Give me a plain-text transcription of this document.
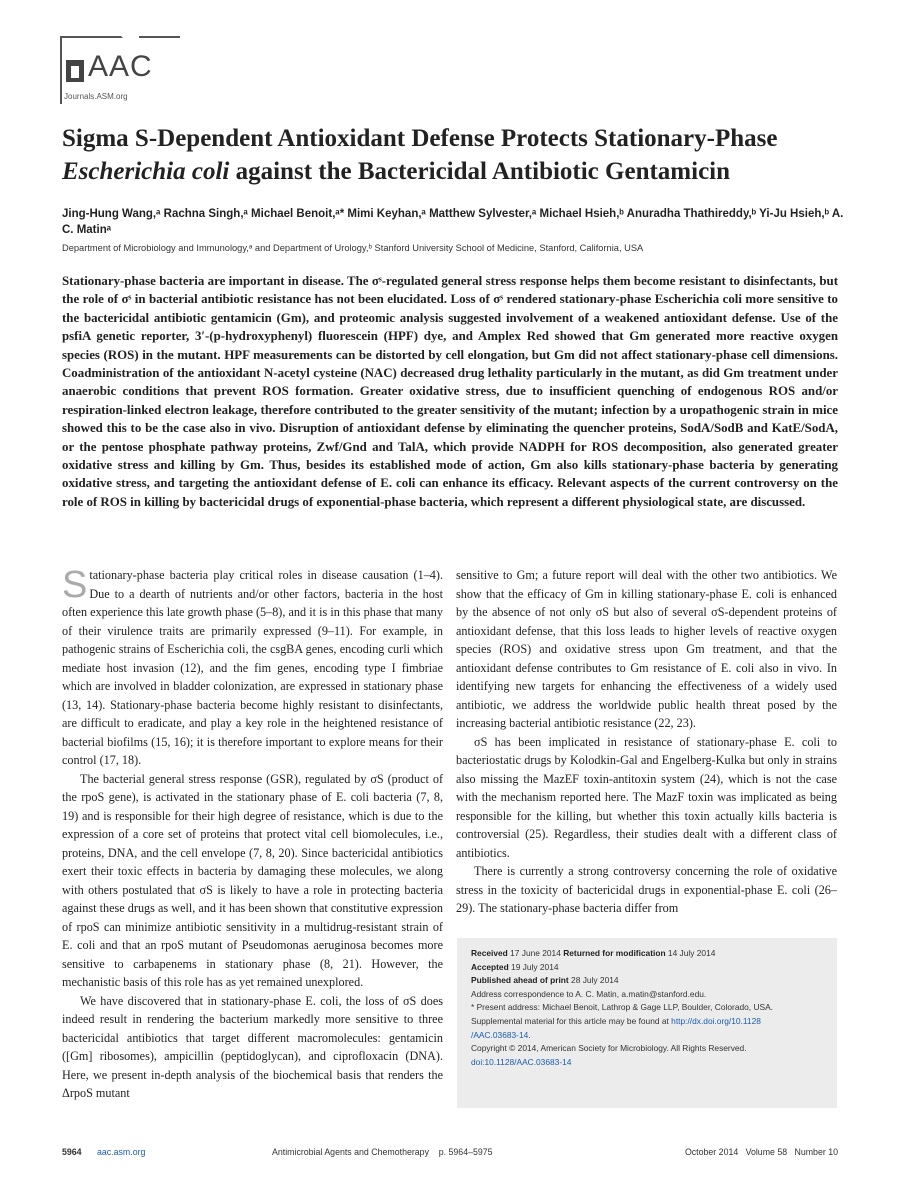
AAC
Journals.ASM.org
Sigma S-Dependent Antioxidant Defense Protects Stationary-Phase
Escherichia coli against the Bactericidal Antibiotic Gentamicin
Jing-Hung Wang,ᵃ Rachna Singh,ᵃ Michael Benoit,ᵃ* Mimi Keyhan,ᵃ Matthew Sylvester,ᵃ Michael Hsieh,ᵇ Anuradha Thathireddy,ᵇ Yi-Ju Hsieh,ᵇ A. C. Matinᵃ
Department of Microbiology and Immunology,ᵃ and Department of Urology,ᵇ Stanford University School of Medicine, Stanford, California, USA
Stationary-phase bacteria are important in disease. The σˢ-regulated general stress response helps them become resistant to disinfectants, but the role of σˢ in bacterial antibiotic resistance has not been elucidated. Loss of σˢ rendered stationary-phase Escherichia coli more sensitive to the bactericidal antibiotic gentamicin (Gm), and proteomic analysis suggested involvement of a weakened antioxidant defense. Use of the psfiA genetic reporter, 3′-(p-hydroxyphenyl) fluorescein (HPF) dye, and Amplex Red showed that Gm generated more reactive oxygen species (ROS) in the mutant. HPF measurements can be distorted by cell elongation, but Gm did not affect stationary-phase cell dimensions. Coadministration of the antioxidant N-acetyl cysteine (NAC) decreased drug lethality particularly in the mutant, as did Gm treatment under anaerobic conditions that prevent ROS formation. Greater oxidative stress, due to insufficient quenching of endogenous ROS and/or respiration-linked electron leakage, therefore contributed to the greater sensitivity of the mutant; infection by a uropathogenic strain in mice showed this to be the case also in vivo. Disruption of antioxidant defense by eliminating the quencher proteins, SodA/SodB and KatE/SodA, or the pentose phosphate pathway proteins, Zwf/Gnd and TalA, which provide NADPH for ROS decomposition, also generated greater oxidative stress and killing by Gm. Thus, besides its established mode of action, Gm also kills stationary-phase bacteria by generating oxidative stress, and targeting the antioxidant defense of E. coli can enhance its efficacy. Relevant aspects of the current controversy on the role of ROS in killing by bactericidal drugs of exponential-phase bacteria, which represent a different physiological state, are discussed.

Stationary-phase bacteria play critical roles in disease causation (1–4). Due to a dearth of nutrients and/or other factors, bacteria in the host often experience this late growth phase (5–8), and it is in this phase that many of their virulence traits are primarily expressed (9–11). For example, in pathogenic strains of Escherichia coli, the csgBA genes, encoding curli which mediate host invasion (12), and the fim genes, encoding type I fimbriae which are involved in bladder colonization, are expressed in stationary phase (13, 14). Stationary-phase bacteria become highly resistant to disinfectants, are difficult to eradicate, and play a key role in the heightened resistance of bacterial biofilms (15, 16); it is therefore important to explore means for their control (17, 18).

The bacterial general stress response (GSR), regulated by σS (product of the rpoS gene), is activated in the stationary phase of E. coli bacteria (7, 8, 19) and is responsible for their high degree of resistance, which is due to the expression of a core set of proteins that protect vital cell biomolecules, i.e., proteins, DNA, and the cell envelope (7, 8, 20). Since bactericidal antibiotics exert their toxic effects in bacteria by damaging these molecules, we along with others postulated that σS is likely to have a role in protecting bacteria against these drugs as well, and it has been shown that constitutive expression of rpoS can minimize antibiotic sensitivity in a multidrug-resistant strain of E. coli and that an rpoS mutant of Pseudomonas aeruginosa becomes more sensitive to carbapenems in stationary phase (8, 21). However, the mechanistic basis of this role has as yet remained unexplored.

We have discovered that in stationary-phase E. coli, the loss of σS does indeed result in rendering the bacterium markedly more sensitive to three bactericidal antibiotics that target different macromolecules: gentamicin ([Gm] ribosomes), ampicillin (peptidoglycan), and ciprofloxacin (DNA). Here, we present in-depth analysis of the biochemical basis that renders the ΔrpoS mutant

sensitive to Gm; a future report will deal with the other two antibiotics. We show that the efficacy of Gm in killing stationary-phase E. coli is enhanced by the absence of not only σS but also of several σS-dependent proteins of antioxidant defense, that this loss leads to higher levels of reactive oxygen species (ROS) and oxidative stress upon Gm treatment, and that the antioxidant defense contributes to Gm resistance of E. coli also in vivo. In identifying new targets for enhancing the effectiveness of a widely used antibiotic, we address the worldwide public health threat posed by the increasing bacterial antibiotic resistance (22, 23).

σS has been implicated in resistance of stationary-phase E. coli to bacteriostatic drugs by Kolodkin-Gal and Engelberg-Kulka but only in strains also missing the MazEF toxin-antitoxin system (24), which is not the case with the mechanism reported here. The MazF toxin was implicated as being responsible for the killing, but whether this toxin actually kills bacteria is controversial (25). Regardless, their studies dealt with a different class of antibiotics.

There is currently a strong controversy concerning the role of oxidative stress in the toxicity of bactericidal drugs in exponential-phase E. coli (26–29). The stationary-phase bacteria differ from

Received 17 June 2014 Returned for modification 14 July 2014
Accepted 19 July 2014
Published ahead of print 28 July 2014
Address correspondence to A. C. Matin, a.matin@stanford.edu.
* Present address: Michael Benoit, Lathrop & Gage LLP, Boulder, Colorado, USA.
Supplemental material for this article may be found at http://dx.doi.org/10.1128
/AAC.03683-14.
Copyright © 2014, American Society for Microbiology. All Rights Reserved.
doi:10.1128/AAC.03683-14
5964 aac.asm.org	Antimicrobial Agents and Chemotherapy    p. 5964–5975	October 2014   Volume 58   Number 10
